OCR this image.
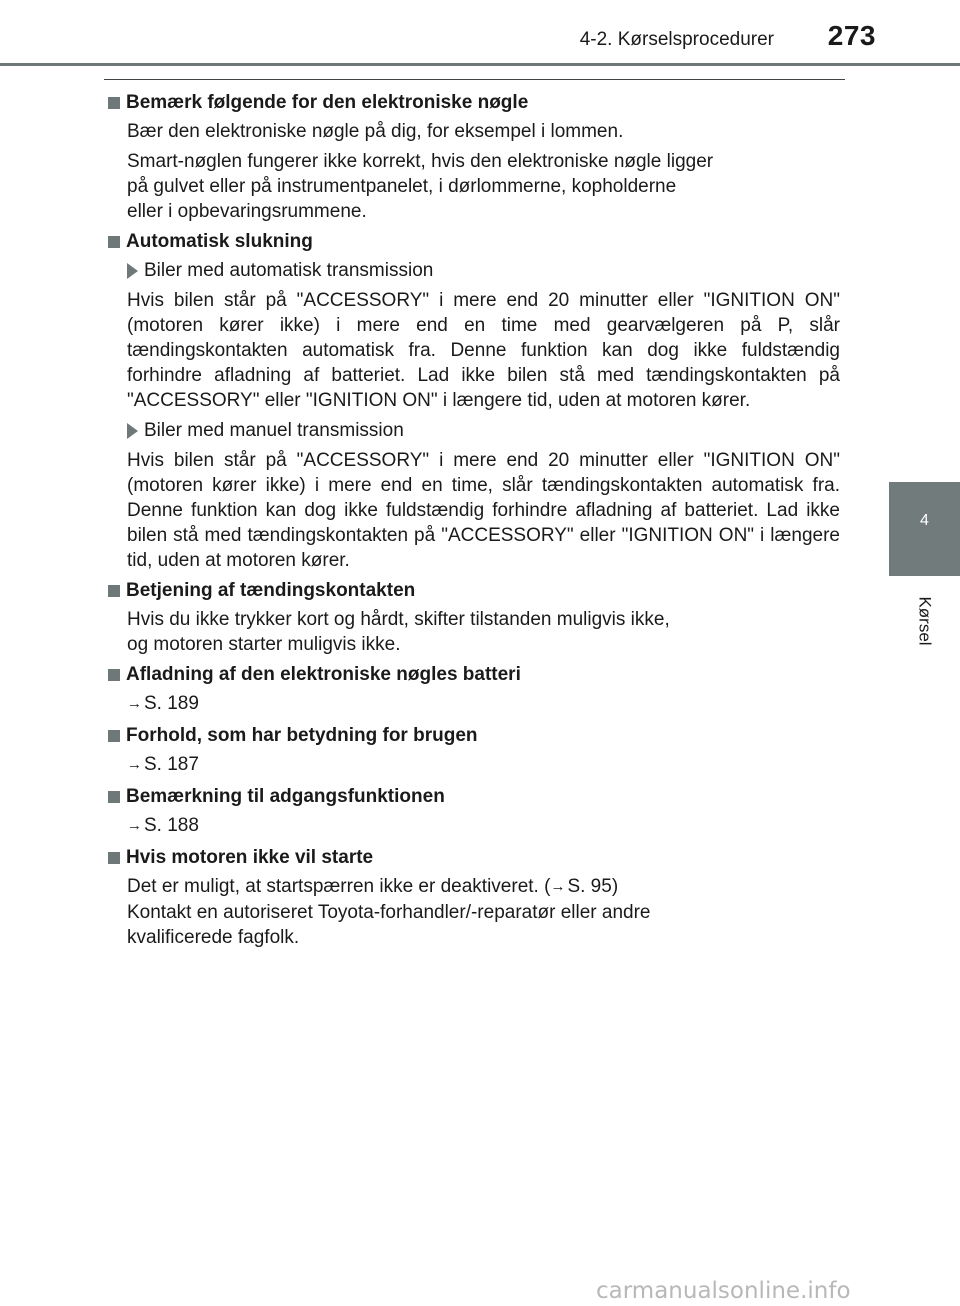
4-2. Kørselsprocedurer 273
4
Kørsel
Bemærk følgende for den elektroniske nøgle

Bær den elektroniske nøgle på dig, for eksempel i lommen.

Smart-nøglen fungerer ikke korrekt, hvis den elektroniske nøgle ligger
på gulvet eller på instrumentpanelet, i dørlommerne, kopholderne
eller i opbevaringsrummene.

Automatisk slukning
Biler med automatisk transmission

Hvis bilen står på "ACCESSORY" i mere end 20 minutter eller "IGNITION ON" (motoren kører ikke) i mere end en time med gearvælgeren på P, slår tændingskontakten automatisk fra. Denne funktion kan dog ikke fuldstændig forhindre afladning af batteriet. Lad ikke bilen stå med tændingskontakten på "ACCESSORY" eller "IGNITION ON" i længere tid, uden at motoren kører.

Biler med manuel transmission

Hvis bilen står på "ACCESSORY" i mere end 20 minutter eller "IGNITION ON" (motoren kører ikke) i mere end en time, slår tændingskontakten automatisk fra. Denne funktion kan dog ikke fuldstændig forhindre afladning af batteriet. Lad ikke bilen stå med tændingskontakten på "ACCESSORY" eller "IGNITION ON" i længere tid, uden at motoren kører.

Betjening af tændingskontakten

Hvis du ikke trykker kort og hårdt, skifter tilstanden muligvis ikke,
og motoren starter muligvis ikke.

Afladning af den elektroniske nøgles batteri
→ S. 189
Forhold, som har betydning for brugen
→ S. 187
Bemærkning til adgangsfunktionen
→ S. 188
Hvis motoren ikke vil starte
Det er muligt, at startspærren ikke er deaktiveret. (→ S. 95)

Kontakt en autoriseret Toyota-forhandler/-reparatør eller andre
kvalificerede fagfolk.

carmanualsonline.info
